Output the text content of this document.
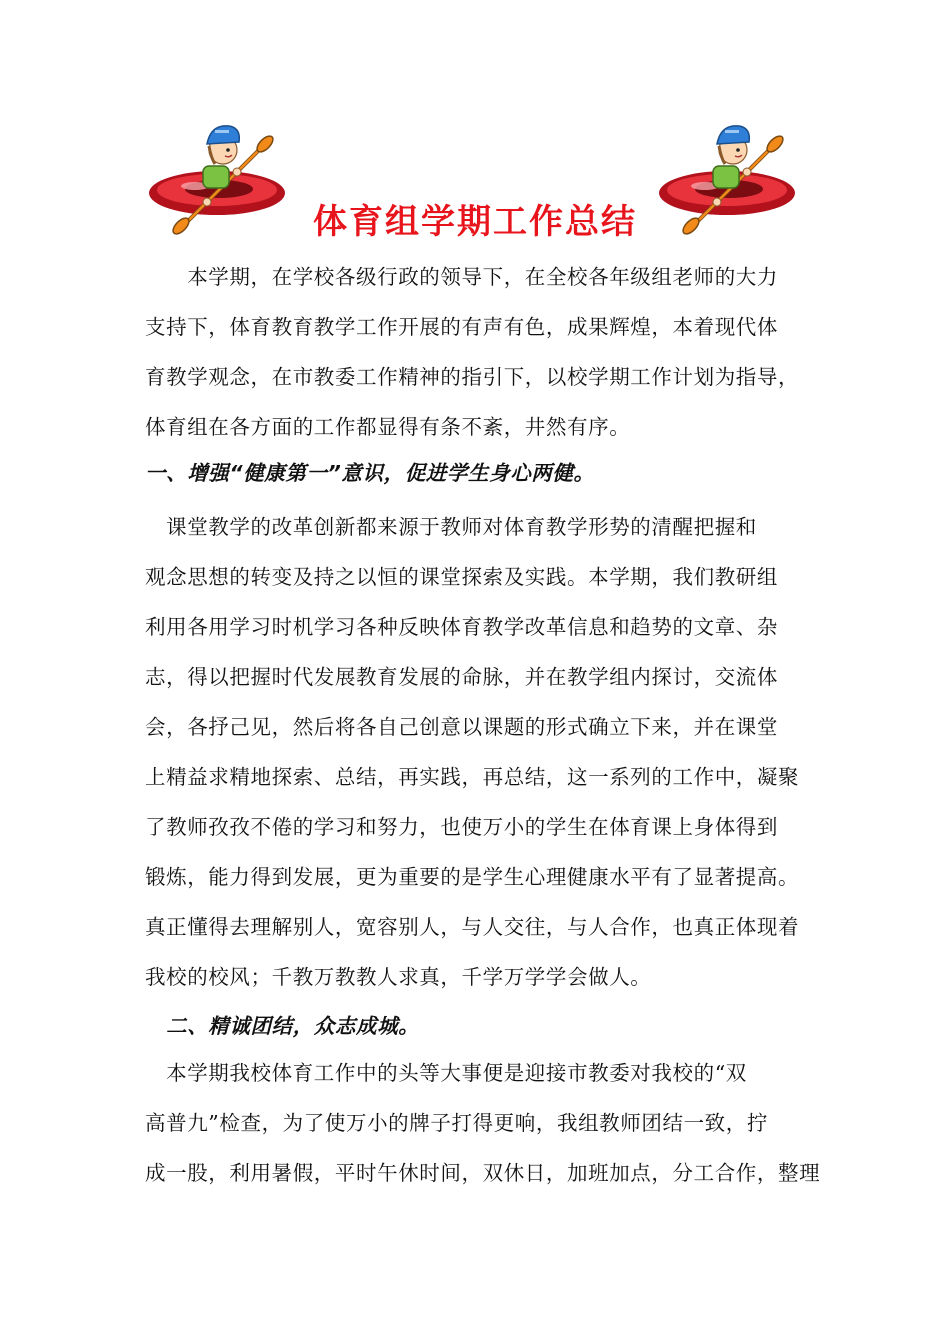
体育组学期工作总结

　　本学期，在学校各级行政的领导下，在全校各年级组老师的大力
支持下，体育教育教学工作开展的有声有色，成果辉煌，本着现代体
育教学观念，在市教委工作精神的指引下，以校学期工作计划为指导，
体育组在各方面的工作都显得有条不紊，井然有序。

一、增强“健康第一”意识，促进学生身心两健。

　课堂教学的改革创新都来源于教师对体育教学形势的清醒把握和
观念思想的转变及持之以恒的课堂探索及实践。本学期，我们教研组
利用各用学习时机学习各种反映体育教学改革信息和趋势的文章、杂
志，得以把握时代发展教育发展的命脉，并在教学组内探讨，交流体
会，各抒己见，然后将各自己创意以课题的形式确立下来，并在课堂
上精益求精地探索、总结，再实践，再总结，这一系列的工作中，凝聚
了教师孜孜不倦的学习和努力，也使万小的学生在体育课上身体得到
锻炼，能力得到发展，更为重要的是学生心理健康水平有了显著提高。
真正懂得去理解别人，宽容别人，与人交往，与人合作，也真正体现着
我校的校风；千教万教教人求真，千学万学学会做人。

　二、精诚团结，众志成城。

　本学期我校体育工作中的头等大事便是迎接市教委对我校的“双
高普九”检查，为了使万小的牌子打得更响，我组教师团结一致，拧
成一股，利用暑假，平时午休时间，双休日，加班加点，分工合作，整理
